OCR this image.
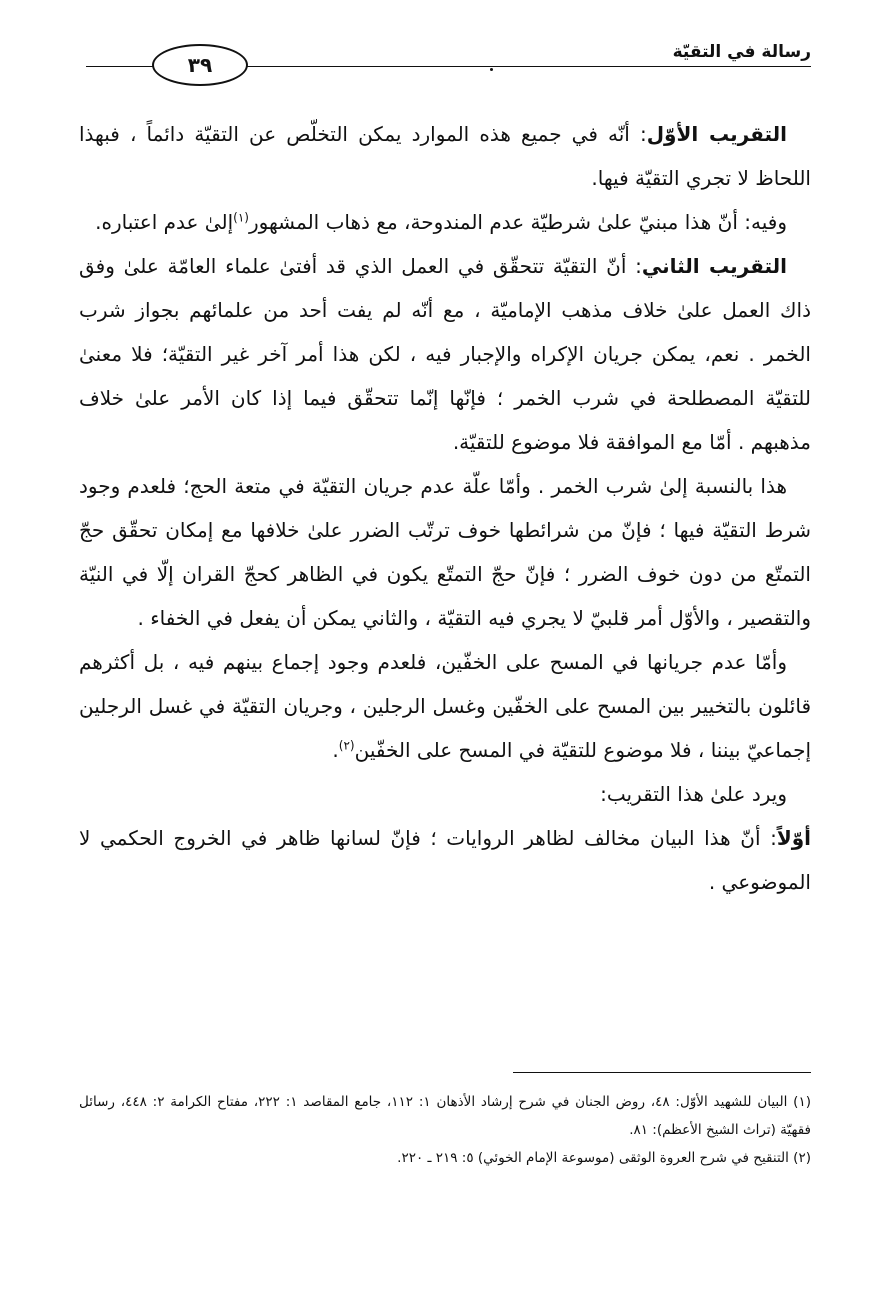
رسالة في التقيّة
٣٩

التقريب الأوّل: أنّه في جميع هذه الموارد يمكن التخلّص عن التقيّة دائماً ، فبهذا اللحاظ لا تجري التقيّة فيها.

وفيه: أنّ هذا مبنيّ علىٰ شرطيّة عدم المندوحة، مع ذهاب المشهور$^{(١)}$إلىٰ عدم اعتباره.

التقريب الثاني: أنّ التقيّة تتحقّق في العمل الذي قد أفتىٰ علماء العامّة علىٰ وفق ذاك العمل علىٰ خلاف مذهب الإماميّة ، مع أنّه لم يفت أحد من علمائهم بجواز شرب الخمر . نعم، يمكن جريان الإكراه والإجبار فيه ، لكن هذا أمر آخر غير التقيّة؛ فلا معنىٰ للتقيّة المصطلحة في شرب الخمر ؛ فإنّها إنّما تتحقّق فيما إذا كان الأمر علىٰ خلاف مذهبهم . أمّا مع الموافقة فلا موضوع للتقيّة.

هذا بالنسبة إلىٰ شرب الخمر . وأمّا علّة عدم جريان التقيّة في متعة الحج؛ فلعدم وجود شرط التقيّة فيها ؛ فإنّ من شرائطها خوف ترتّب الضرر علىٰ خلافها مع إمكان تحقّق حجّ التمتّع من دون خوف الضرر ؛ فإنّ حجّ التمتّع يكون في الظاهر كحجّ القران إلّا في النيّة والتقصير ، والأوّل أمر قلبيّ لا يجري فيه التقيّة ، والثاني يمكن أن يفعل في الخفاء .

وأمّا عدم جريانها في المسح على الخفّين، فلعدم وجود إجماع بينهم فيه ، بل أكثرهم قائلون بالتخيير بين المسح على الخفّين وغسل الرجلين ، وجريان التقيّة في غسل الرجلين إجماعيّ بيننا ، فلا موضوع للتقيّة في المسح على الخفّين$^{(٢)}$.

ويرد علىٰ هذا التقريب:

أوّلاً: أنّ هذا البيان مخالف لظاهر الروايات ؛ فإنّ لسانها ظاهر في الخروج الحكمي لا الموضوعي .

(١) البيان للشهيد الأوّل: ٤٨، روض الجنان في شرح إرشاد الأذهان ١: ١١٢، جامع المقاصد ١: ٢٢٢، مفتاح الكرامة ٢: ٤٤٨، رسائل فقهيّة (تراث الشيخ الأعظم): ٨١.

(٢) التنقيح في شرح العروة الوثقى (موسوعة الإمام الخوئي) ٥: ٢١٩ ـ ٢٢٠.
